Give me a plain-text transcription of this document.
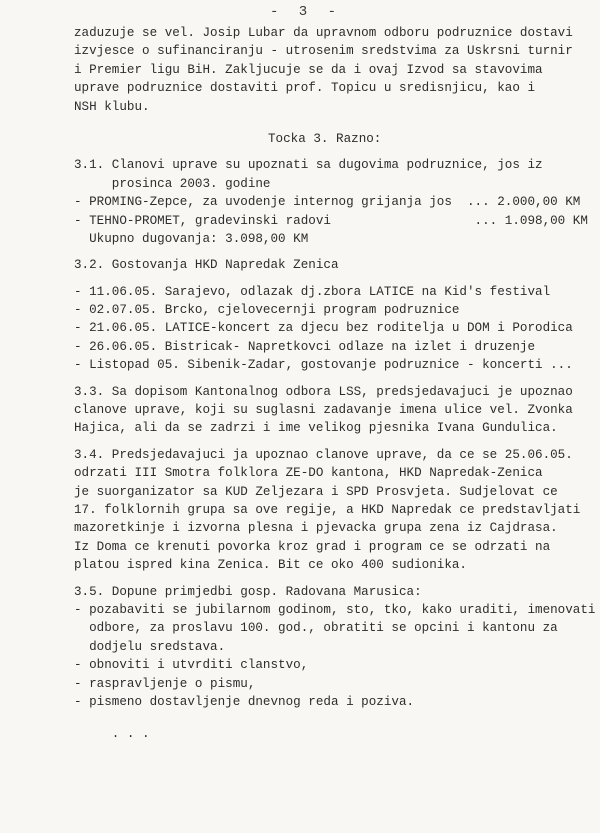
- 3 -
zaduzuje se vel. Josip Lubar da upravnom odboru podruznice dostavi
izvjesce o sufinanciranju - utrosenim sredstvima za Uskrsni turnir
i Premier ligu BiH. Zakljucuje se da i ovaj Izvod sa stavovima
uprave podruznice dostaviti prof. Topicu u sredisnjicu, kao i
NSH klubu.
Tocka 3. Razno:
3.1. Clanovi uprave su upoznati sa dugovima podruznice, jos iz
prosinca 2003. godine
- PROMING-Zepce, za uvodenje internog grijanja jos  ... 2.000,00 KM
- TEHNO-PROMET, gradevinski radovi                   ... 1.098,00 KM
Ukupno dugovanja: 3.098,00 KM
3.2. Gostovanja HKD Napredak Zenica
- 11.06.05. Sarajevo, odlazak dj.zbora LATICE na Kid's festival
- 02.07.05. Brcko, cjelovecernji program podruznice
- 21.06.05. LATICE-koncert za djecu bez roditelja u DOM i Porodica
- 26.06.05. Bistricak- Napretkovci odlaze na izlet i druzenje
- Listopad 05. Sibenik-Zadar, gostovanje podruznice - koncerti ...
3.3. Sa dopisom Kantonalnog odbora LSS, predsjedavajuci je upoznao
clanove uprave, koji su suglasni zadavanje imena ulice vel. Zvonka
Hajica, ali da se zadrzi i ime velikog pjesnika Ivana Gundulica.
3.4. Predsjedavajuci ja upoznao clanove uprave, da ce se 25.06.05.
odrzati III Smotra folklora ZE-DO kantona, HKD Napredak-Zenica
je suorganizator sa KUD Zeljezara i SPD Prosvjeta. Sudjelovat ce
17. folklornih grupa sa ove regije, a HKD Napredak ce predstavljati
mazoretkinje i izvorna plesna i pjevacka grupa zena iz Cajdrasa.
Iz Doma ce krenuti povorka kroz grad i program ce se odrzati na
platou ispred kina Zenica. Bit ce oko 400 sudionika.
3.5. Dopune primjedbi gosp. Radovana Marusica:
- pozabaviti se jubilarnom godinom, sto, tko, kako uraditi, imenovati
odbore, za proslavu 100. god., obratiti se opcini i kantonu za
dodjelu sredstava.
- obnoviti i utvrditi clanstvo,
- raspravljenje o pismu,
- pismeno dostavljenje dnevnog reda i poziva.
. . .
